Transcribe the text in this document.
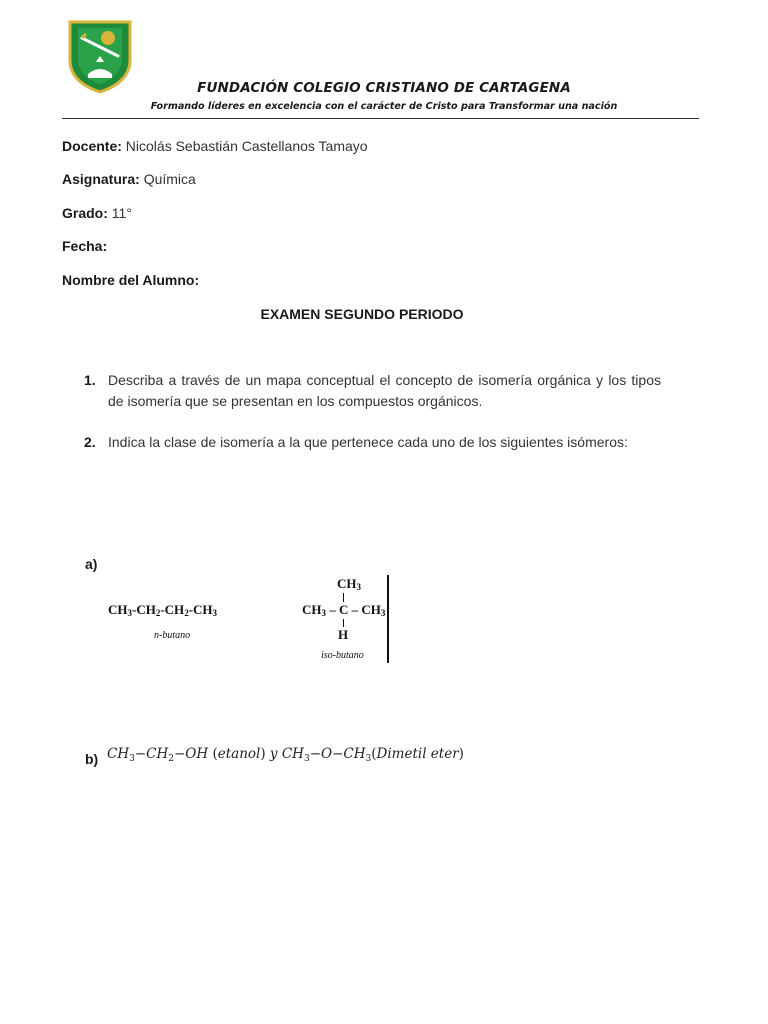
FUNDACIÓN COLEGIO CRISTIANO DE CARTAGENA
Formando líderes en excelencia con el carácter de Cristo para Transformar una nación
Docente: Nicolás Sebastián Castellanos Tamayo
Asignatura: Química
Grado: 11°
Fecha:
Nombre del Alumno:
EXAMEN SEGUNDO PERIODO
1. Describa a través de un mapa conceptual el concepto de isomería orgánica y los tipos de isomería que se presentan en los compuestos orgánicos.
2. Indica la clase de isomería a la que pertenece cada uno de los siguientes isómeros:
a)
$CH_3-CH_2-CH_2-CH_3$
n-butano
$CH_3$
$CH_3$ – C – $CH_3$
H
iso-butano
b) $CH_3-CH_2-OH$ (etanol) y $CH_3-O-CH_3(Dimetil$ eter)
